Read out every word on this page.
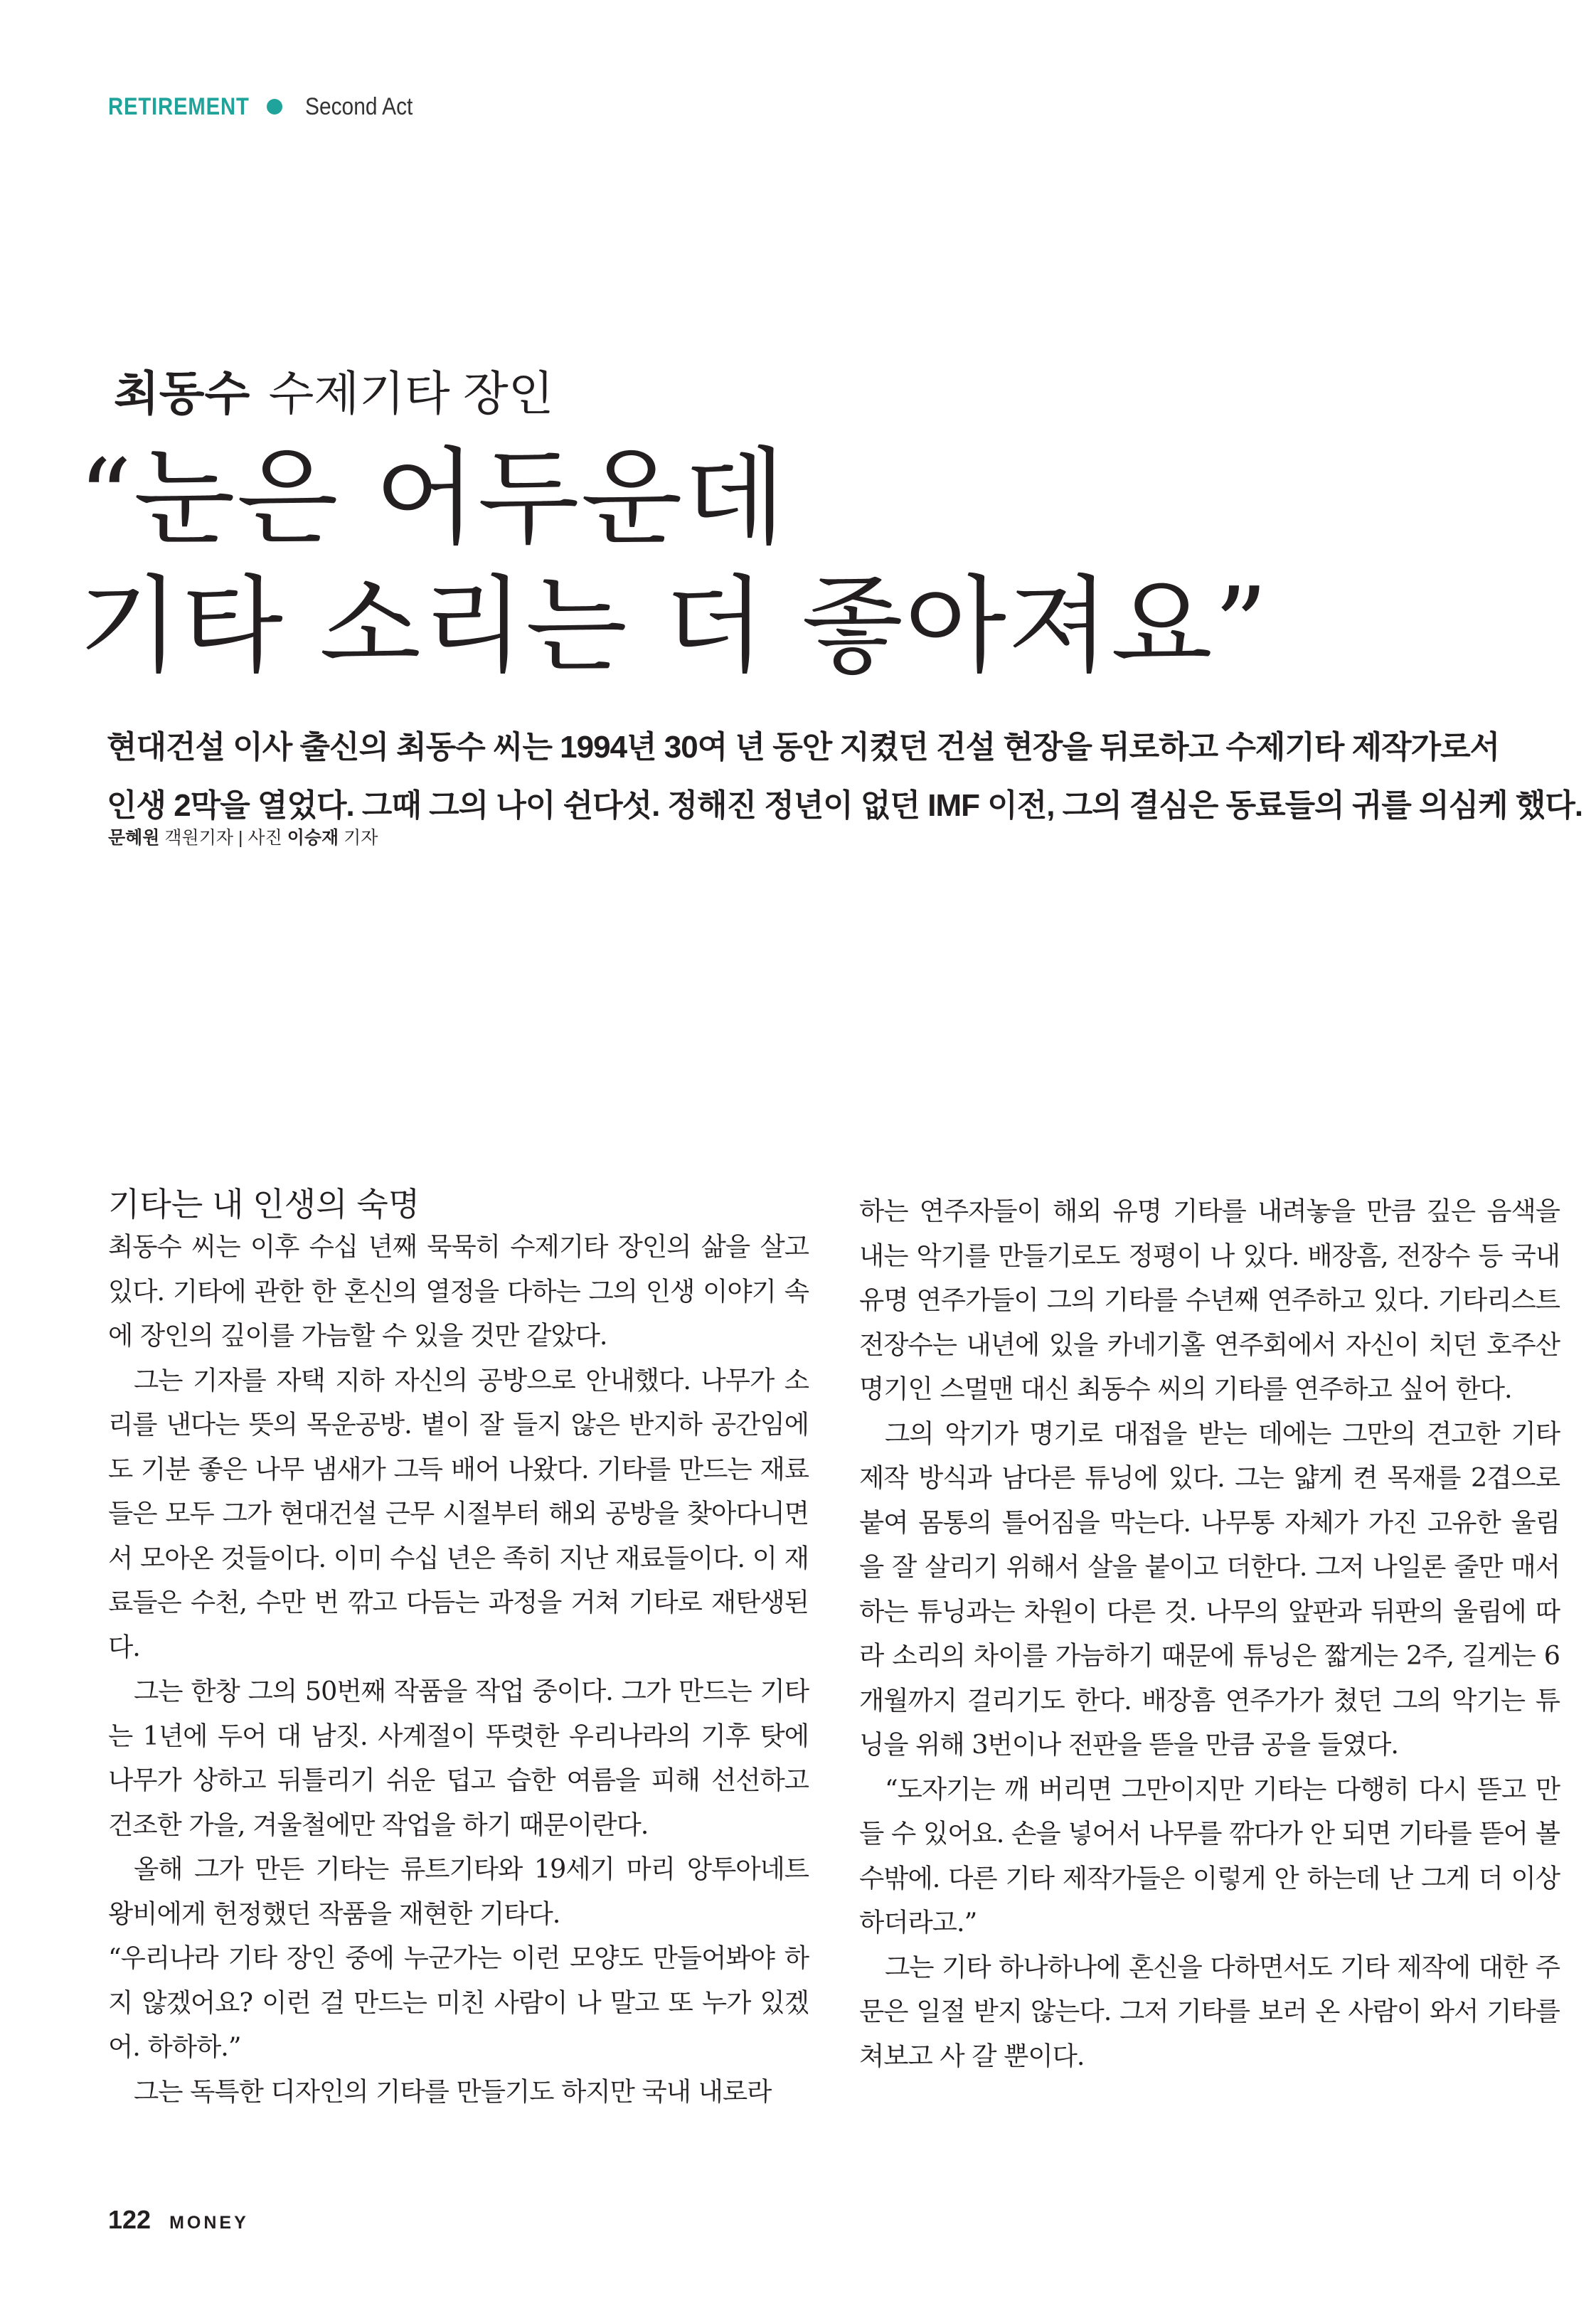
RETIREMENT Second Act
최동수 수제기타 장인
“눈은 어두운데
기타 소리는 더 좋아져요”
현대건설 이사 출신의 최동수 씨는 1994년 30여 년 동안 지켰던 건설 현장을 뒤로하고 수제기타 제작가로서
인생 2막을 열었다. 그때 그의 나이 쉰다섯. 정해진 정년이 없던 IMF 이전, 그의 결심은 동료들의 귀를 의심케 했다.
문혜원 객원기자 | 사진 이승재 기자
기타는 내 인생의 숙명

최동수 씨는 이후 수십 년째 묵묵히 수제기타 장인의 삶을 살고 있다. 기타에 관한 한 혼신의 열정을 다하는 그의 인생 이야기 속에 장인의 깊이를 가늠할 수 있을 것만 같았다.

그는 기자를 자택 지하 자신의 공방으로 안내했다. 나무가 소리를 낸다는 뜻의 목운공방. 볕이 잘 들지 않은 반지하 공간임에도 기분 좋은 나무 냄새가 그득 배어 나왔다. 기타를 만드는 재료들은 모두 그가 현대건설 근무 시절부터 해외 공방을 찾아다니면서 모아온 것들이다. 이미 수십 년은 족히 지난 재료들이다. 이 재료들은 수천, 수만 번 깎고 다듬는 과정을 거쳐 기타로 재탄생된다.

그는 한창 그의 50번째 작품을 작업 중이다. 그가 만드는 기타는 1년에 두어 대 남짓. 사계절이 뚜렷한 우리나라의 기후 탓에 나무가 상하고 뒤틀리기 쉬운 덥고 습한 여름을 피해 선선하고 건조한 가을, 겨울철에만 작업을 하기 때문이란다.

올해 그가 만든 기타는 류트기타와 19세기 마리 앙투아네트 왕비에게 헌정했던 작품을 재현한 기타다.

“우리나라 기타 장인 중에 누군가는 이런 모양도 만들어봐야 하지 않겠어요? 이런 걸 만드는 미친 사람이 나 말고 또 누가 있겠어. 하하하.”

그는 독특한 디자인의 기타를 만들기도 하지만 국내 내로라

하는 연주자들이 해외 유명 기타를 내려놓을 만큼 깊은 음색을 내는 악기를 만들기로도 정평이 나 있다. 배장흠, 전장수 등 국내 유명 연주가들이 그의 기타를 수년째 연주하고 있다. 기타리스트 전장수는 내년에 있을 카네기홀 연주회에서 자신이 치던 호주산 명기인 스멀맨 대신 최동수 씨의 기타를 연주하고 싶어 한다.

그의 악기가 명기로 대접을 받는 데에는 그만의 견고한 기타 제작 방식과 남다른 튜닝에 있다. 그는 얇게 켠 목재를 2겹으로 붙여 몸통의 틀어짐을 막는다. 나무통 자체가 가진 고유한 울림을 잘 살리기 위해서 살을 붙이고 더한다. 그저 나일론 줄만 매서 하는 튜닝과는 차원이 다른 것. 나무의 앞판과 뒤판의 울림에 따라 소리의 차이를 가늠하기 때문에 튜닝은 짧게는 2주, 길게는 6개월까지 걸리기도 한다. 배장흠 연주가가 쳤던 그의 악기는 튜닝을 위해 3번이나 전판을 뜯을 만큼 공을 들였다.

“도자기는 깨 버리면 그만이지만 기타는 다행히 다시 뜯고 만들 수 있어요. 손을 넣어서 나무를 깎다가 안 되면 기타를 뜯어 볼 수밖에. 다른 기타 제작가들은 이렇게 안 하는데 난 그게 더 이상하더라고.”

그는 기타 하나하나에 혼신을 다하면서도 기타 제작에 대한 주문은 일절 받지 않는다. 그저 기타를 보러 온 사람이 와서 기타를 쳐보고 사 갈 뿐이다.

122 MONEY
